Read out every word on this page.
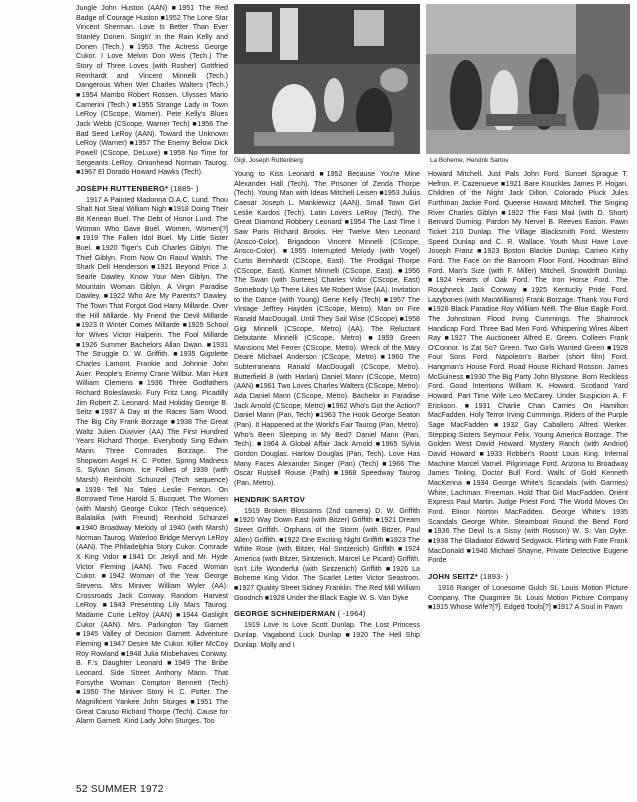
Jungle John Huston (AAN) ■1951 The Red Badge of Courage Huston ■1952 The Lone Star Vincent Sherman. Love Is Better Than Ever Stanley Donen. Singin' in the Rain Kelly and Donen (Tech.) ■1953 The Actress George Cukor. I Love Melvin Don Weis (Tech.) The Story of Three Loves (with Rosher) Gottfried Reinhardt and Vincent Minnelli (Tech.) Dangerous When Wet Charles Walters (Tech.) ■1954 Mambo Robert Rossen. Ulysses Mario Camerini (Tech.) ■1955 Strange Lady in Town LeRoy (CScope, Warner). Pete Kelly's Blues Jack Webb (CScope, Warner Tech) ■1956 The Bad Seed LeRoy (AAN). Toward the Unknown LeRoy (Warner) ■1957 The Enemy Below Dick Powell (CScope, DeLuxe) ■1958 No Time for Sergeants LeRoy. Onionhead Norman Taurog. ■1967 El Dorado Howard Hawks (Tech).

JOSEPH RUTTENBERG* (1889- )

1917 A Painted Madonna O.A.C. Lund. Thou Shalt Not Steal William Nigh ■1918 Doing Their Bit Kenean Buel. The Debt of Honor Lund. The Woman Who Gave Buel. Women, Women[?] ■1919 The Fallen Idol Buel. My Little Sister Buel. ■1920 Tiger's Cub Charles Giblyn. The Thief Giblyn. From Now On Raoul Walsh. The Shark Dell Henderson ■1921 Beyond Price J. Searle Dawley. Know Your Men Giblyn. The Mountain Woman Giblyn. A Virgin Paradise Dawley. ■1922 Who Are My Parents? Dawley. The Town That Forgot God Harry Millarde. Over the Hill Millarde. My Friend the Devil Millarde ■1923 It Winter Comes Millarde ■1925 School for Wives Victor Halperin. The Fool Millarde ■1926 Summer Bachelors Allan Dwan. ■1931 The Struggle D. W. Griffith. ■1935 Gigolette Charles Lamont. Frankie and Johnnie John Auer. People's Enemy Crane Wilbur. Man Hunt William Clemens ■1936 Three Godfathers Richard Boleslawski. Fury Fritz Lang. Picadilly Jim Robert Z. Leonard. Mad Holiday George B. Seitz ■1937 A Day at the Races Sam Wood. The Big City Frank Borzage ■1938 The Great Waltz Julien Duvivier (AA) The First Hundred Years Richard Thorpe. Everybody Sing Edwin Marin. Three Comrades Borzage. The Shopworn Angel H. C. Potter. Spring Madness S. Sylvan Simon. Ice Follies of 1939 (with Marsh) Reinhold Schunzel (Tech sequence) ■1939 Tell No Tales Leslie Fenton. On Borrowed Time Harold S. Bucquet. The Women (with Marsh) George Cukor (Tech sequence). Balalaika (with Freund) Reinhold Schunzel ■1940 Broadway Melody of 1940 (with Marsh) Norman Taurog. Waterloo Bridge Mervyn LeRoy (AAN). The Philadelphia Story Cukor. Comrade X King Vidor ■1941 Dr. Jekyll and Mr. Hyde Victor Fleming (AAN). Two Faced Woman Cukor. ■1942 Woman of the Year George Stevens. Mrs Miniver William Wyler (AA). Crossroads Jack Conway. Random Harvest LeRoy. ■1943 Presenting Lily Mars Taurog. Madame Curie LeRoy (AAN) ■1944 Gaslight Cukor (AAN). Mrs. Parkington Tay Garnett ■1945 Valley of Decision Garnett. Adventure Fleming ■1947 Desire Me Cukor. Killer McCoy Roy Rowland ■1948 Julia Misbehaves Conway. B. F.'s Daughter Leonard ■1949 The Bribe Leonard. Side Street Anthony Mann. That Forsythe Woman Compton Bennett (Tech) ■1950 The Miniver Story H. C. Potter. The Magnificent Yankee John Sturges ■1951 The Great Caruso Richard Thorpe (Tech). Cause for Alarm Garnett. Kind Lady John Sturges. Too

Gigi, Joseph Ruttenberg	La Boheme, Hendrik Sartov

Young to Kiss Leonard ■1952 Because You're Mine Alexander Hall (Tech). The Prisoner of Zenda Thorpe (Tech). Young Man with Ideas Mitchell Leisen ■1953 Julius Caesar Joseph L. Mankiewicz (AAN). Small Town Girl Leslie Kardos (Tech). Latin Lovers LeRoy (Tech). The Great Diamond Robbery Leonard ■1954 The Last Time I Saw Paris Richard Brooks. Her Twelve Men Leonard (Ansco-Color). Brigadoon Vincent Minnelli (CScope, Ansco-Color). ■1955 Interrupted Melody (with Vogel) Curtis Bernhardt (CScope, East). The Prodigal Thorpe (CScope, East). Kismet Minnelli (CScope, East). ■1956 The Swan (with Surtees) Charles Vidor (CScope, East) Somebody Up There Likes Me Robert Wise (AA). Invitation to the Dance (with Young) Gene Kelly (Tech) ■1957 The Vintage Jeffrey Hayden (CScope, Metro). Man on Fire Ranald MacDougall. Until They Sail Wise (CScope) ■1958 Gigi Minnelli (CScope, Metro) (AA). The Reluctant Debutante Minnelli (CScope, Metro) ■1959 Green Mansions Mel Ferrer (CScope, Metro). Wreck of the Mary Deare Michael Anderson (CScope, Metro) ■1960 The Subterraneans Ranald MacDougall (CScope, Metro). Butterfield 8 (with Harlan) Daniel Mann (CScope, Metro) (AAN) ■1961 Two Loves Charles Walters (CScope, Metro). Ada Daniel Mann (CScope, Metro). Bachelor in Paradise Jack Arnold (CScope, Metro) ■1962 Who's Got the Action? Daniel Mann (Pan, Tech) ■1963 The Hook George Seaton (Pan). It Happened at the World's Fair Taurog (Pan, Metro). Who's Been Sleeping in My Bed? Daniel Mann (Pan, Tech). ■1964 A Global Affair Jack Arnold ■1965 Sylvia Gordon Douglas. Harlow Douglas (Pan, Tech). Love Has Many Faces Alexander Singer (Pan) (Tech) ■1966 The Oscar Russell Rouse (Path) ■1968 Speedway Taurog (Pan, Metro).

HENDRIK SARTOV

1919 Broken Blossoms (2nd camera) D. W. Griffith ■1920 Way Down East (with Bitzer) Griffith ■1921 Dream Street Griffith. Orphans of the Storm (with Bitzer, Paul Allen) Griffith. ■1922 One Exciting Night Griffith ■1923 The White Rose (with Bitzer, Hal Sintzenich) Griffith ■1924 America (with Bitzer, Sintzenich, Marcel Le Picard) Griffith. Isn't Life Wonderful (with Sintzenich) Griffith ■1926 La Boheme King Vidor. The Scarlet Letter Victor Seastrom. ■1927 Quality Street Sidney Franklin. The Red Mill William Goodrich ■1928 Under the Black Eagle W. S. Van Dyke

GEORGE SCHNEIDERMAN ( -1964)

1919 Love Is Love Scott Dunlap. The Lost Princess Dunlap. Vagabond Luck Dunlap ■1920 The Hell Ship Dunlap. Molly and I

Howard Mitchell. Just Pals John Ford. Sunset Sprague T. Hefron. P. Cazenueve ■1921 Bare Knuckles James P. Hogan. Children of the Night Jack Dillon. Colorado Pluck Jules Furthman Jackie Ford. Queenie Howard Mitchell. The Singing River Charles Giblyn ■1922 The Fast Mail (with D. Short) Bernard Durning. Pardon My Nerve! B. Reeves Eason. Pawn Ticket 210 Dunlap. The Village Blacksmith Ford. Western Speed Dunlap and C. R. Wallace. Youth Must Have Love Joseph Franz ■1923 Boston Blackie Dunlap. Cameo Kirby Ford. The Face on the Barroom Floor Ford. Hoodman Blind Ford. Man's Size (with F. Miller) Mitchell. Snowdrift Dunlap. ■1924 Hearts of Oak Ford. The Iron Horse Ford. The Roughneck Jack Conway ■1925 Kentucky Pride Ford. Lazybones (with MacWilliams) Frank Borzage. Thank You Ford ■1926 Black Paradise Roy William Neill. The Blue Eagle Ford. The Johnstown Flood Irving Cummings. The Shamrock Handicap Ford. Three Bad Men Ford. Whispering Wires Albert Ray ■1927 The Auctioneer Alfred E. Green. Colleen Frank O'Connor. Is Zat So? Green. Two Girls Wanted Green ■1928 Four Sons Ford. Napoleon's Barber (short film) Ford. Hangman's House Ford. Road House Richard Rosson. James McGuiness ■1930 The Big Party John Blystone. Born Reckless Ford. Good Intentions William K. Howard. Scotland Yard Howard. Part Time Wife Leo McCarey. Under Suspicion A. F. Erickson. ■1931 Charlie Chan Carries On Hamilton MacFadden. Holy Terror Irving Cummings. Riders of the Purple Sage MacFadden ■1932 Gay Caballero Alfred Werker. Stepping Sisters Seymour Felix. Young America Borzage. The Golden West David Howard. Mystery Ranch (with Andriot) David Howard ■1933 Robber's Roost Louis King. Infernal Machine Marcel Varnel. Pilgrimage Ford. Arizona to Broadway James Tinling. Doctor Bull Ford. Walls of Gold Kenneth MacKenna ■1934 George White's Scandals (with Garmes) White, Lachman. Freeman. Hold That Girl MacFadden. Orient Express Paul Martin. Judge Priest Ford. The World Moves On Ford. Elinor Norton MacFadden. George White's 1935 Scandals George White. Steamboat Round the Bend Ford ■1936 The Devil Is a Sissy (with Rosson) W. S. Van Dyke. ■1938 The Gladiator Edward Sedgwick. Flirting with Fate Frank MacDonald ■1940 Michael Shayne, Private Detective Eugene Forde

JOHN SEITZ* (1893- )

1916 Ranger of Lonesome Gulch St. Louis Motion Picture Company. The Quagmire St. Louis Motion Picture Company ■1915 Whose Wife?[?]. Edged Tools[?] ■1917 A Soul in Pawn

52 SUMMER 1972
